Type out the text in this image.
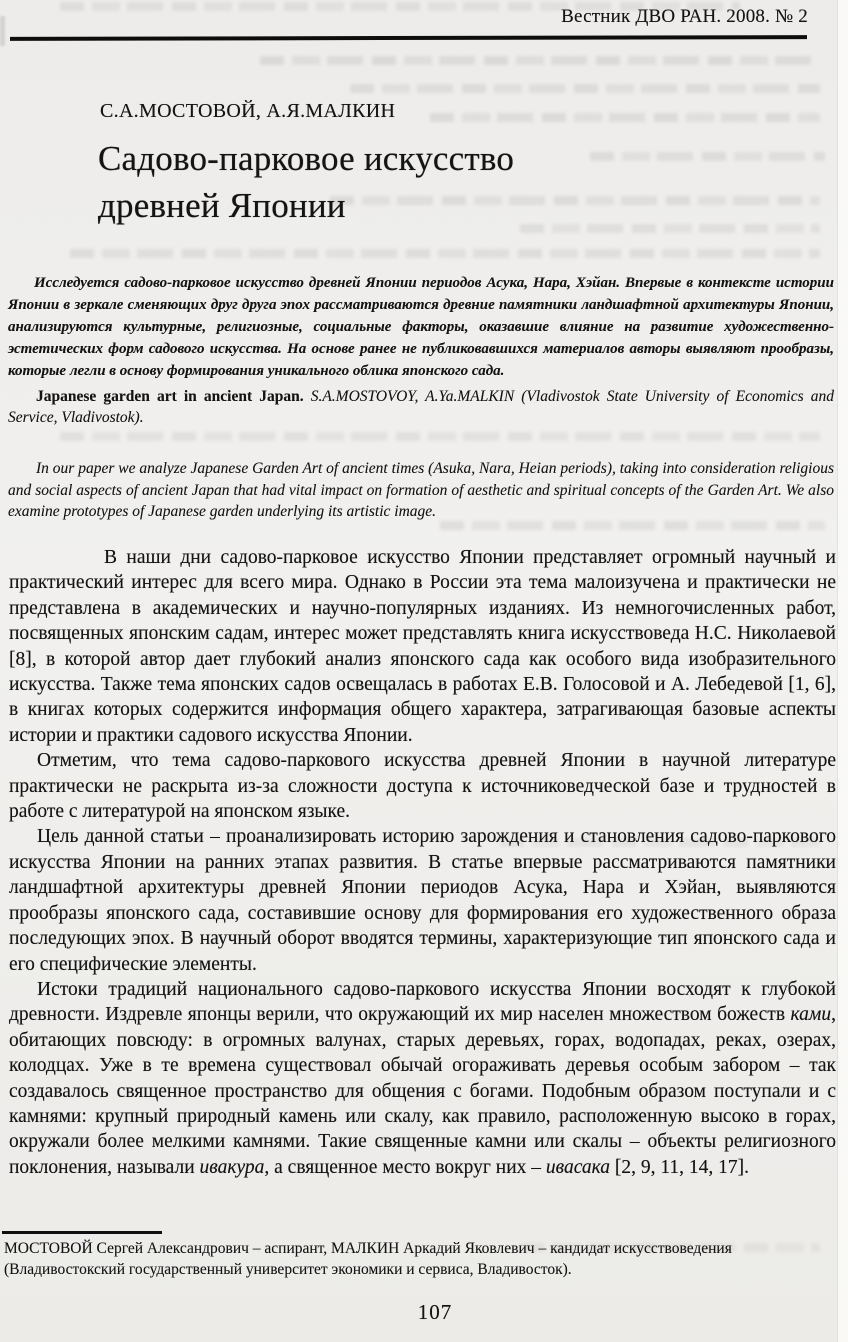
Вестник ДВО РАН. 2008. № 2
С.А.МОСТОВОЙ, А.Я.МАЛКИН
Садово-парковое искусство
древней Японии
Исследуется садово-парковое искусство древней Японии периодов Асука, Нара, Хэйан. Впервые в контексте истории Японии в зеркале сменяющих друг друга эпох рассматриваются древние памятники ландшафтной архитектуры Японии, анализируются культурные, религиозные, социальные факторы, оказавшие влияние на развитие художественно-эстетических форм садового искусства. На основе ранее не публиковавшихся материалов авторы выявляют прообразы, которые легли в основу формирования уникального облика японского сада.
Japanese garden art in ancient Japan. S.A.MOSTOVOY, A.Ya.MALKIN (Vladivostok State University of Economics and Service, Vladivostok).
In our paper we analyze Japanese Garden Art of ancient times (Asuka, Nara, Heian periods), taking into consideration religious and social aspects of ancient Japan that had vital impact on formation of aesthetic and spiritual concepts of the Garden Art. We also examine prototypes of Japanese garden underlying its artistic image.

В наши дни садово-парковое искусство Японии представляет огромный научный и практический интерес для всего мира. Однако в России эта тема малоизучена и практически не представлена в академических и научно-популярных изданиях. Из немногочисленных работ, посвященных японским садам, интерес может представлять книга искусствоведа Н.С. Николаевой [8], в которой автор дает глубокий анализ японского сада как особого вида изобразительного искусства. Также тема японских садов освещалась в работах Е.В. Голосовой и А. Лебедевой [1, 6], в книгах которых содержится информация общего характера, затрагивающая базовые аспекты истории и практики садового искусства Японии.

Отметим, что тема садово-паркового искусства древней Японии в научной литературе практически не раскрыта из-за сложности доступа к источниковедческой базе и трудностей в работе с литературой на японском языке.

Цель данной статьи – проанализировать историю зарождения и становления садово-паркового искусства Японии на ранних этапах развития. В статье впервые рассматриваются памятники ландшафтной архитектуры древней Японии периодов Асука, Нара и Хэйан, выявляются прообразы японского сада, составившие основу для формирования его художественного образа последующих эпох. В научный оборот вводятся термины, характеризующие тип японского сада и его специфические элементы.

Истоки традиций национального садово-паркового искусства Японии восходят к глубокой древности. Издревле японцы верили, что окружающий их мир населен множеством божеств ками, обитающих повсюду: в огромных валунах, старых деревьях, горах, водопадах, реках, озерах, колодцах. Уже в те времена существовал обычай огораживать деревья особым забором – так создавалось священное пространство для общения с богами. Подобным образом поступали и с камнями: крупный природный камень или скалу, как правило, расположенную высоко в горах, окружали более мелкими камнями. Такие священные камни или скалы – объекты религиозного поклонения, называли ивакура, а священное место вокруг них – ивасака [2, 9, 11, 14, 17].

МОСТОВОЙ Сергей Александрович – аспирант, МАЛКИН Аркадий Яковлевич – кандидат искусствоведения (Владивостокский государственный университет экономики и сервиса, Владивосток).
107
